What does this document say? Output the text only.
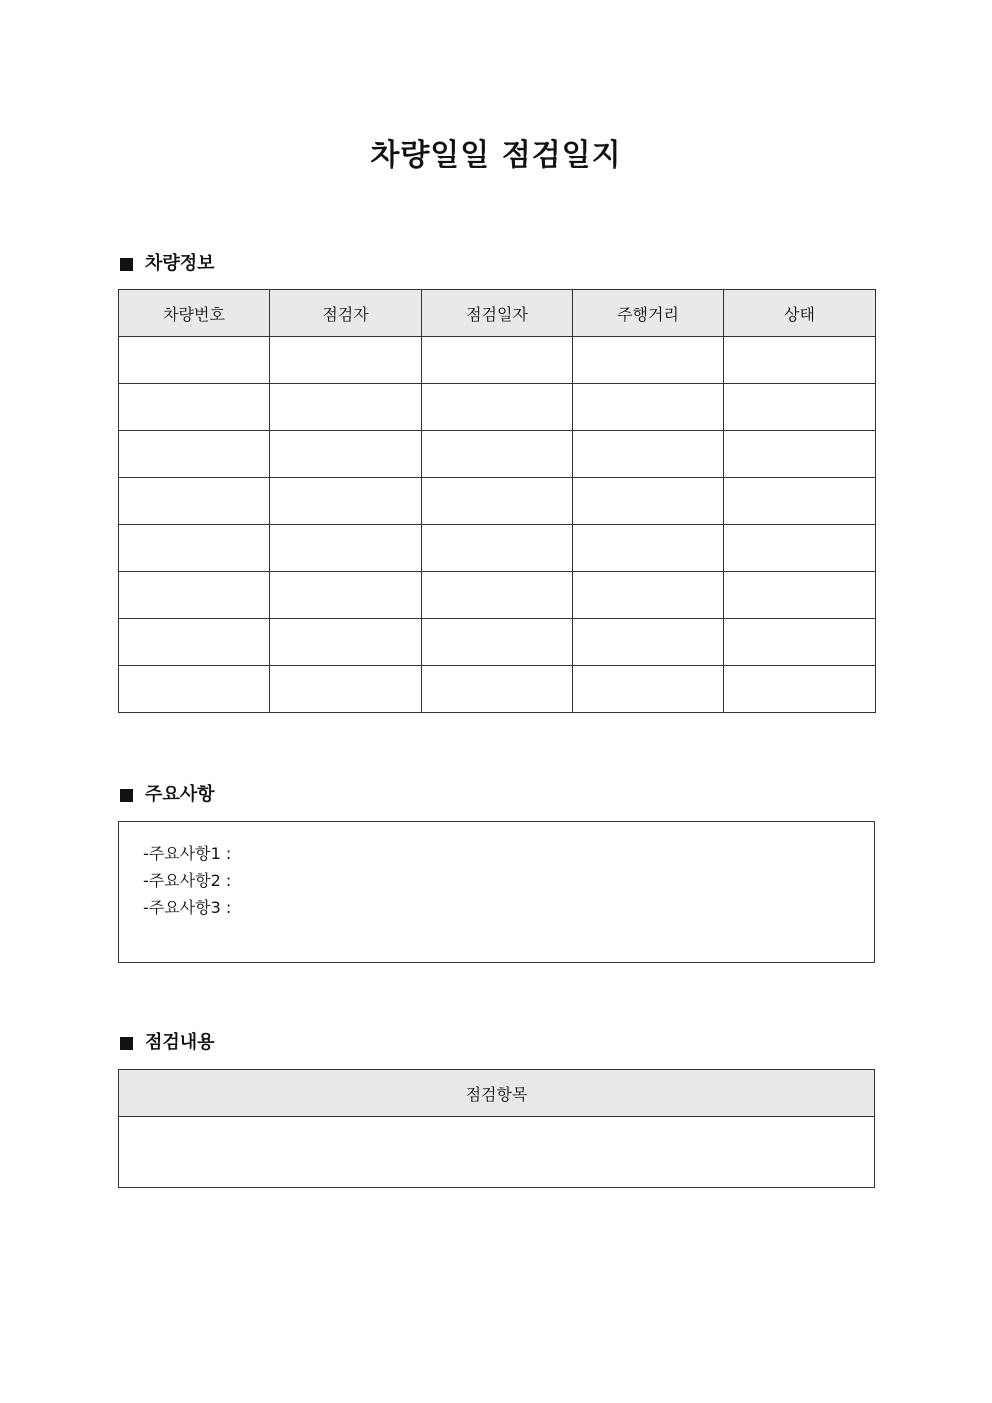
차량일일 점검일지
차량정보
차량번호	점검자	점검일자	주행거리	상태

주요사항
-주요사항1 :
-주요사항2 :
-주요사항3 :
점검내용
점검항목
